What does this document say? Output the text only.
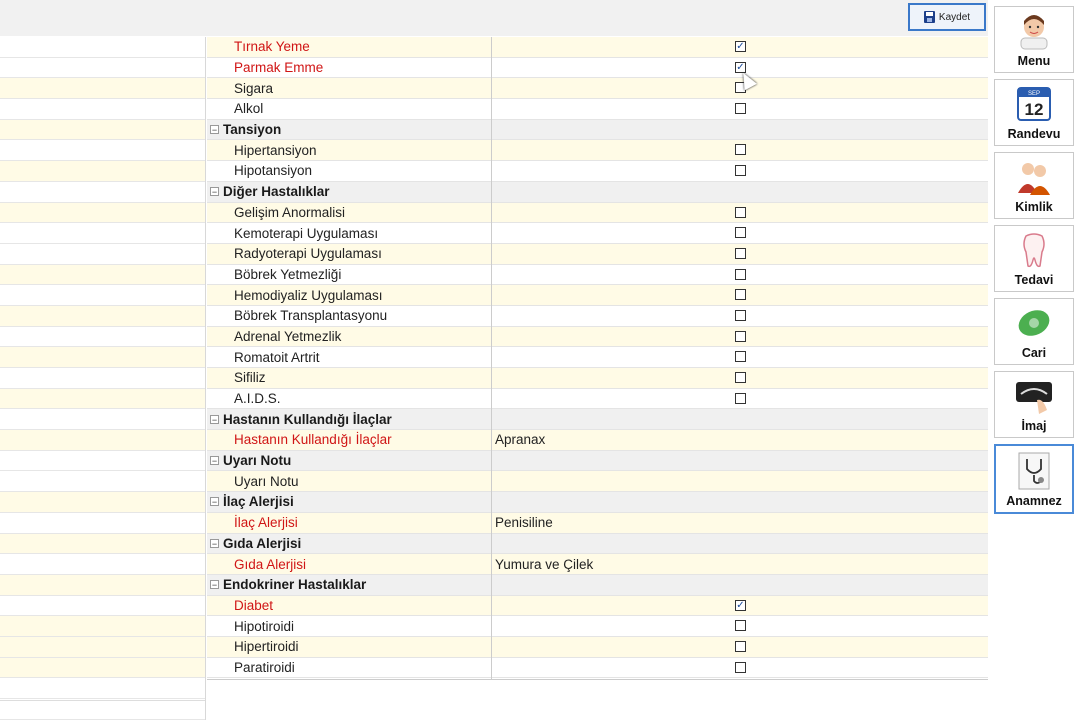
Kaydet
Tırnak Yeme	✓
Parmak Emme	✓
Sigara
Alkol
− Tansiyon
Hipertansiyon
Hipotansiyon
− Diğer Hastalıklar
Gelişim Anormalisi
Kemoterapi Uygulaması
Radyoterapi Uygulaması
Böbrek Yetmezliği
Hemodiyaliz Uygulaması
Böbrek Transplantasyonu
Adrenal Yetmezlik
Romatoit Artrit
Sifiliz
A.I.D.S.
− Hastanın Kullandığı İlaçlar
Hastanın Kullandığı İlaçlar	Apranax
− Uyarı Notu
Uyarı Notu
− İlaç Alerjisi
İlaç Alerjisi	Penisiline
− Gıda Alerjisi
Gıda Alerjisi	Yumura ve Çilek
− Endokriner Hastalıklar
Diabet	✓
Hipotiroidi
Hipertiroidi
Paratiroidi
Menu
SEP
12
Randevu
Kimlik
Tedavi
Cari
İmaj
Anamnez
